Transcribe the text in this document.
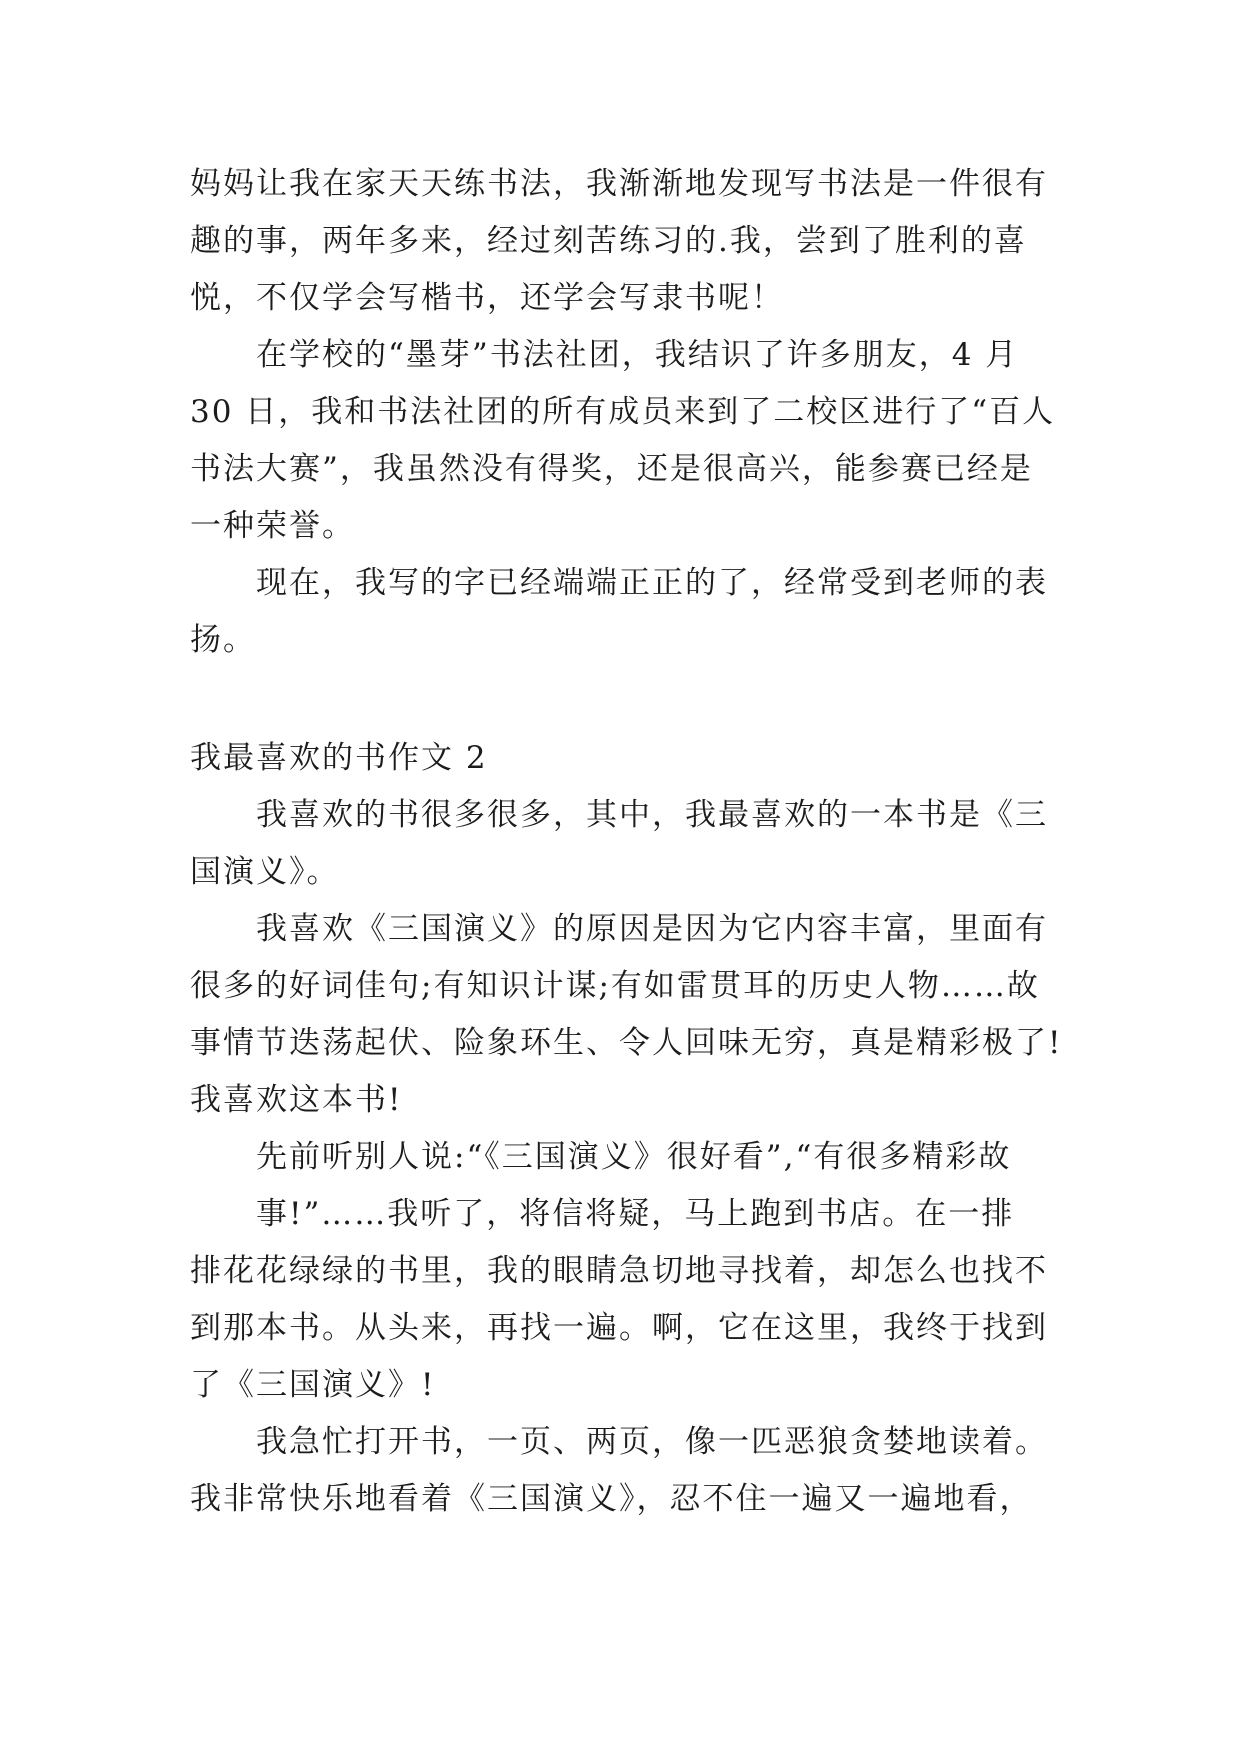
妈妈让我在家天天练书法，我渐渐地发现写书法是一件很有
趣的事，两年多来，经过刻苦练习的.我，尝到了胜利的喜
悦，不仅学会写楷书，还学会写隶书呢！
在学校的“墨芽”书法社团，我结识了许多朋友，4 月
30 日，我和书法社团的所有成员来到了二校区进行了“百人
书法大赛”，我虽然没有得奖，还是很高兴，能参赛已经是
一种荣誉。
现在，我写的字已经端端正正的了，经常受到老师的表
扬。
我最喜欢的书作文 2
我喜欢的书很多很多，其中，我最喜欢的一本书是《三
国演义》。
我喜欢《三国演义》的原因是因为它内容丰富，里面有
很多的好词佳句;有知识计谋;有如雷贯耳的历史人物……故
事情节迭荡起伏、险象环生、令人回味无穷，真是精彩极了!
我喜欢这本书!
先前听别人说:“《三国演义》很好看”,“有很多精彩故
事!”……我听了，将信将疑，马上跑到书店。在一排
排花花绿绿的书里，我的眼睛急切地寻找着，却怎么也找不
到那本书。从头来，再找一遍。啊，它在这里，我终于找到
了《三国演义》!
我急忙打开书，一页、两页，像一匹恶狼贪婪地读着。
我非常快乐地看着《三国演义》，忍不住一遍又一遍地看，
